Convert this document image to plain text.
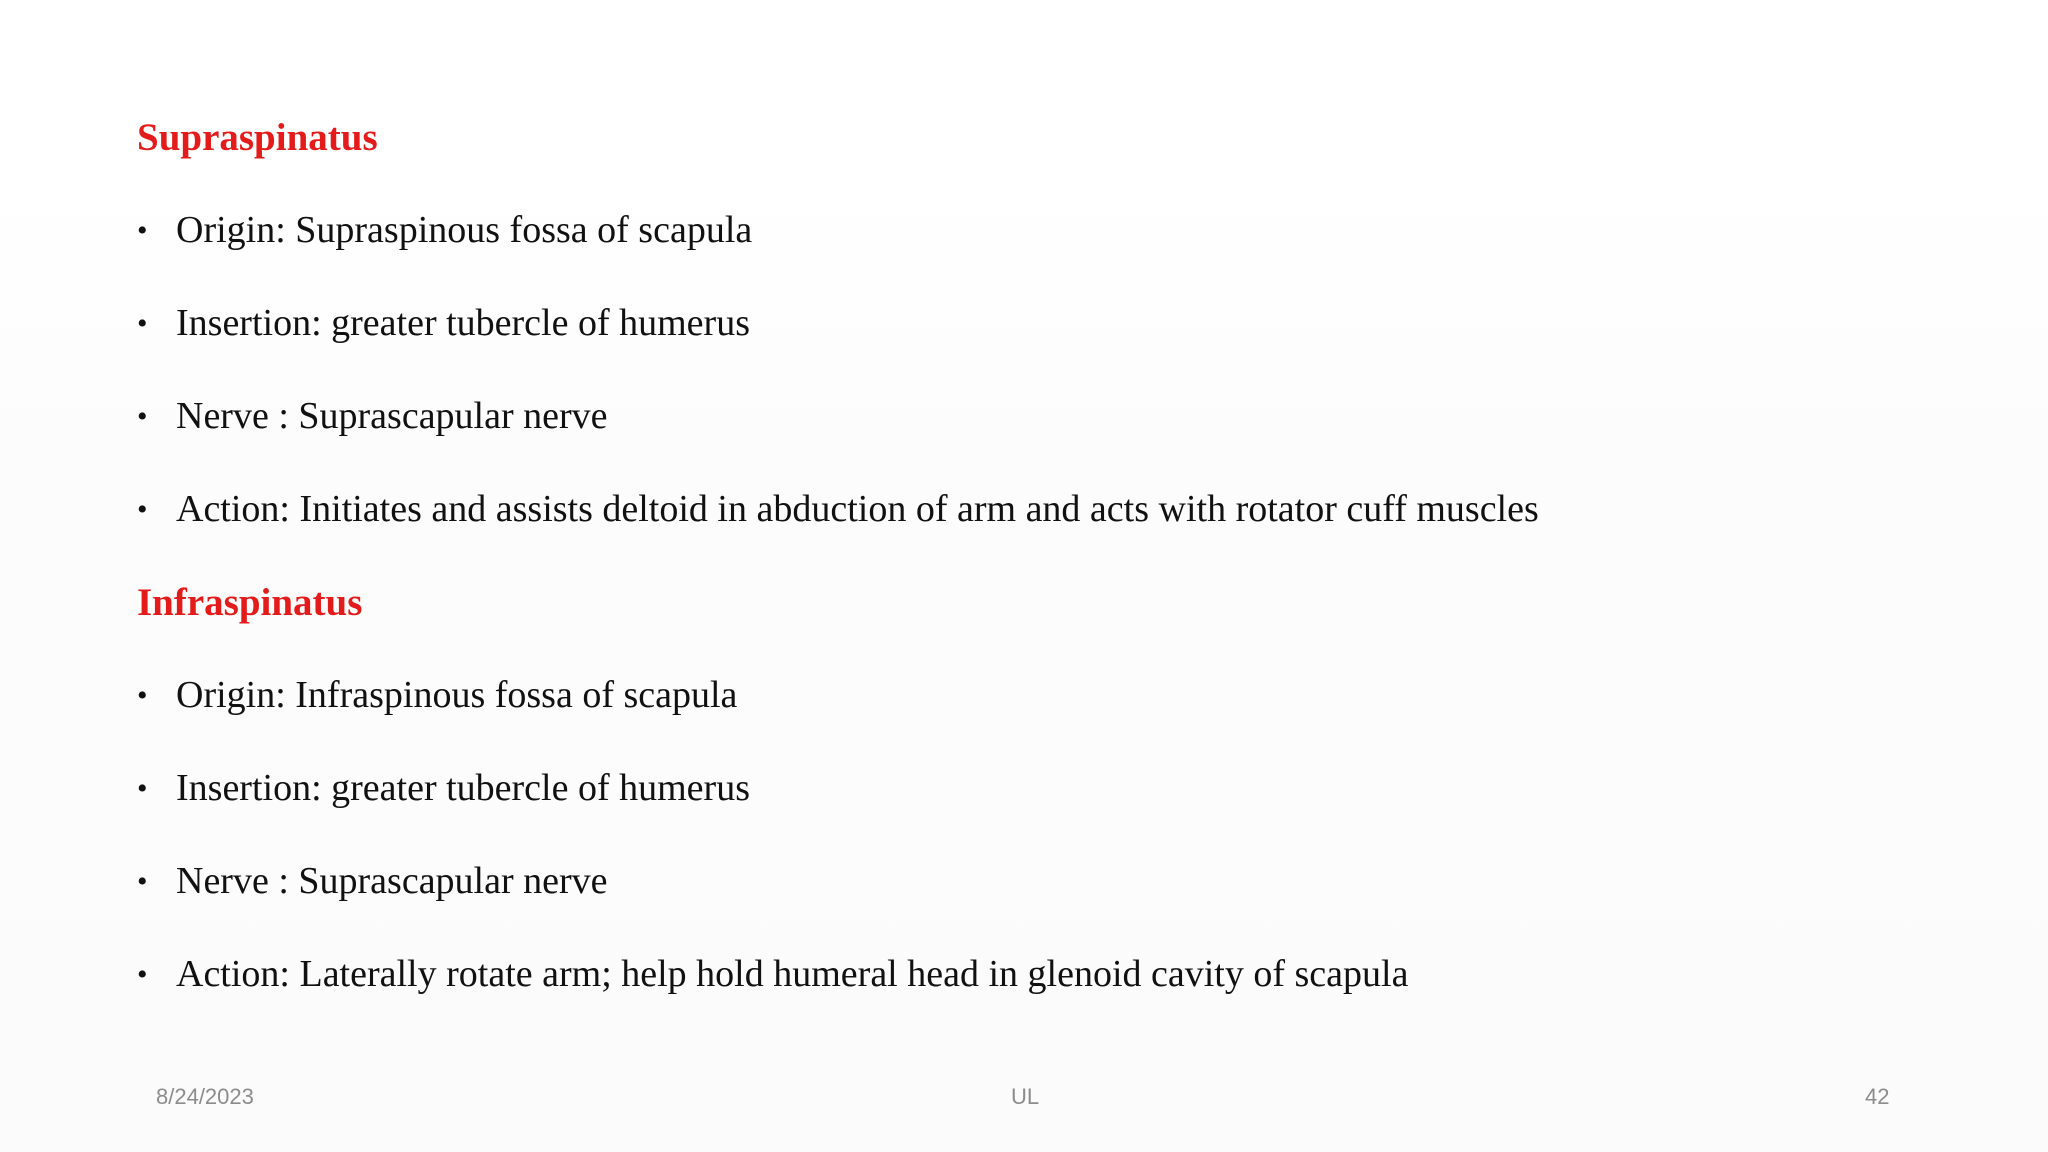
Supraspinatus
• Origin: Supraspinous fossa of scapula
• Insertion: greater tubercle of humerus
• Nerve : Suprascapular nerve
• Action: Initiates and assists deltoid in abduction of arm and acts with rotator cuff muscles
Infraspinatus
• Origin: Infraspinous fossa of scapula
• Insertion: greater tubercle of humerus
• Nerve : Suprascapular nerve
• Action: Laterally rotate arm; help hold humeral head in glenoid cavity of scapula
8/24/2023	UL	42
